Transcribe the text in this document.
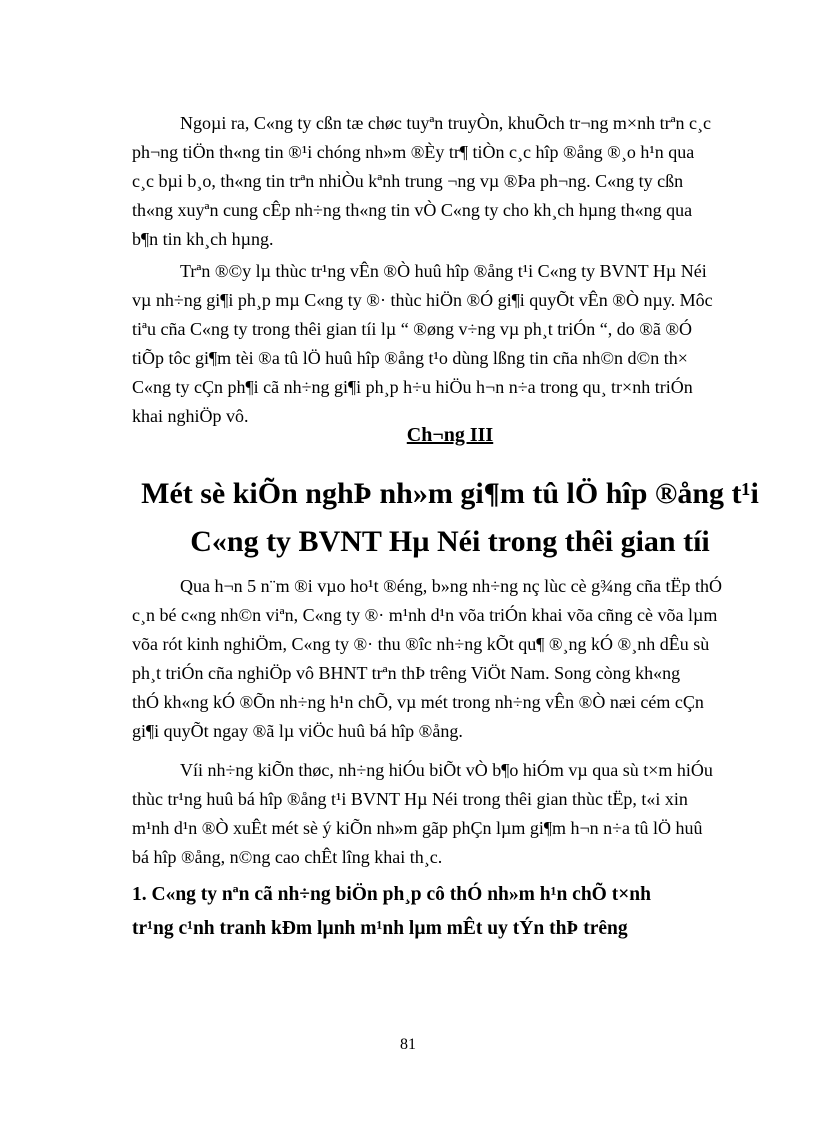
Ngoµi ra, C«ng ty cßn tæ chøc tuyªn truyÒn, khuÕch tr¬ng m×nh trªn c¸c
ph¬ng tiÖn th«ng tin ®¹i chóng nh»m ®Èy tr¶ tiÒn c¸c hîp ®ång ®¸o h¹n qua
c¸c bµi b¸o, th«ng tin trªn nhiÒu kªnh trung ¬ng vµ ®Þa ph¬ng. C«ng ty cßn
th«ng xuyªn cung cÊp nh÷ng th«ng tin vÒ C«ng ty cho kh¸ch hµng th«ng qua
b¶n tin kh¸ch hµng.
Trªn ®©y lµ thùc tr¹ng vÊn ®Ò huû hîp ®ång t¹i C«ng ty BVNT Hµ Néi
vµ nh÷ng gi¶i ph¸p mµ C«ng ty ®· thùc hiÖn ®Ó gi¶i quyÕt vÊn ®Ò nµy. Môc
tiªu cña C«ng ty trong thêi gian tíi lµ “ ®øng v÷ng vµ ph¸t triÓn “, do ®ã ®Ó
tiÕp tôc gi¶m tèi ®a tû lÖ huû hîp ®ång t¹o dùng lßng tin cña nh©n d©n th×
C«ng ty cÇn ph¶i cã nh÷ng gi¶i ph¸p h÷u hiÖu h¬n n÷a trong qu¸ tr×nh triÓn
khai nghiÖp vô.
Ch¬ng III
Mét sè kiÕn nghÞ nh»m gi¶m tû lÖ hîp ®ång t¹i
C«ng ty BVNT Hµ Néi trong thêi gian tíi
Qua h¬n 5 n¨m ®i vµo ho¹t ®éng, b»ng nh÷ng nç lùc cè g¾ng cña tËp thÓ
c¸n bé c«ng nh©n viªn, C«ng ty ®· m¹nh d¹n võa triÓn khai võa cñng cè võa lµm
võa rót kinh nghiÖm, C«ng ty ®· thu ®îc nh÷ng kÕt qu¶ ®¸ng kÓ ®¸nh dÊu sù
ph¸t triÓn cña nghiÖp vô BHNT trªn thÞ trêng ViÖt Nam. Song còng kh«ng
thÓ kh«ng kÓ ®Õn nh÷ng h¹n chÕ, vµ mét trong nh÷ng vÊn ®Ò næi cém cÇn
gi¶i quyÕt ngay ®ã lµ viÖc huû bá hîp ®ång.
Víi nh÷ng kiÕn thøc, nh÷ng hiÓu biÕt vÒ b¶o hiÓm vµ qua sù t×m hiÓu
thùc tr¹ng huû bá hîp ®ång t¹i BVNT Hµ Néi trong thêi gian thùc tËp, t«i xin
m¹nh d¹n ®Ò xuÊt mét sè ý kiÕn nh»m gãp phÇn lµm gi¶m h¬n n÷a tû lÖ huû
bá hîp ®ång, n©ng cao chÊt lîng khai th¸c.
1. C«ng ty nªn cã nh÷ng biÖn ph¸p cô thÓ nh»m h¹n chÕ t×nh
tr¹ng c¹nh tranh kÐm lµnh m¹nh lµm mÊt uy tÝn thÞ trêng
81
